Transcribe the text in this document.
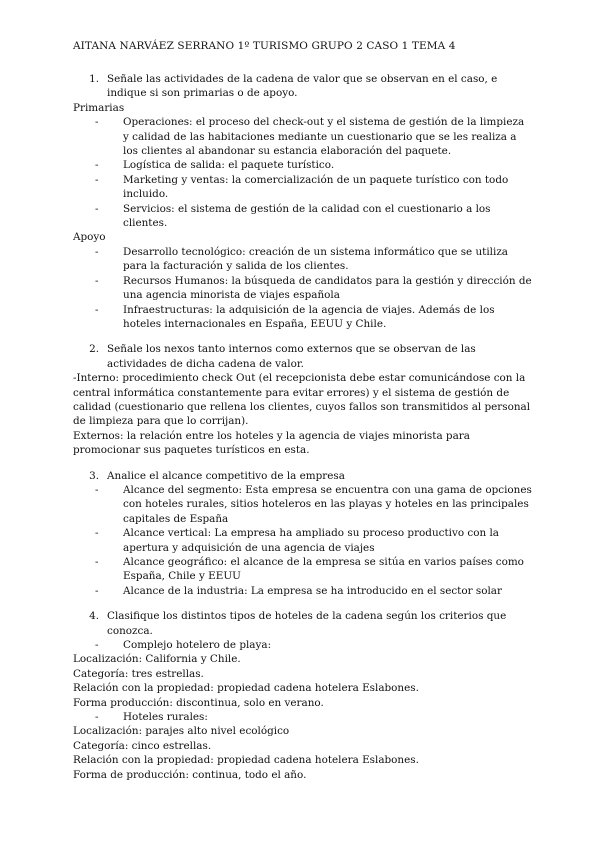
AITANA NARVÁEZ SERRANO 1º TURISMO GRUPO 2 CASO 1 TEMA 4
1. Señale las actividades de la cadena de valor que se observan en el caso, e indique si son primarias o de apoyo.
Primarias
-	Operaciones: el proceso del check-out y el sistema de gestión de la limpieza y calidad de las habitaciones mediante un cuestionario que se les realiza a los clientes al abandonar su estancia elaboración del paquete.
-	Logística de salida: el paquete turístico.
-	Marketing y ventas: la comercialización de un paquete turístico con todo incluido.
-	Servicios: el sistema de gestión de la calidad con el cuestionario a los clientes.
Apoyo
-	Desarrollo tecnológico: creación de un sistema informático que se utiliza para la facturación y salida de los clientes.
-	Recursos Humanos: la búsqueda de candidatos para la gestión y dirección de una agencia minorista de viajes española
-	Infraestructuras: la adquisición de la agencia de viajes. Además de los hoteles internacionales en España, EEUU y Chile.
2. Señale los nexos tanto internos como externos que se observan de las actividades de dicha cadena de valor.
-Interno: procedimiento check Out (el recepcionista debe estar comunicándose con la central informática constantemente para evitar errores) y el sistema de gestión de calidad (cuestionario que rellena los clientes, cuyos fallos son transmitidos al personal de limpieza para que lo corrijan).
Externos: la relación entre los hoteles y la agencia de viajes minorista para promocionar sus paquetes turísticos en esta.
3. Analice el alcance competitivo de la empresa
-	Alcance del segmento: Esta empresa se encuentra con una gama de opciones con hoteles rurales, sitios hoteleros en las playas y hoteles en las principales capitales de España
-	Alcance vertical: La empresa ha ampliado su proceso productivo con la apertura y adquisición de una agencia de viajes
-	Alcance geográfico: el alcance de la empresa se sitúa en varios países como España, Chile y EEUU
-	Alcance de la industria: La empresa se ha introducido en el sector solar
4. Clasifique los distintos tipos de hoteles de la cadena según los criterios que conozca.
-	Complejo hotelero de playa:
Localización: California y Chile.
Categoría: tres estrellas.
Relación con la propiedad: propiedad cadena hotelera Eslabones.
Forma producción: discontinua, solo en verano.
-	Hoteles rurales:
Localización: parajes alto nivel ecológico
Categoría: cinco estrellas.
Relación con la propiedad: propiedad cadena hotelera Eslabones.
Forma de producción: continua, todo el año.
